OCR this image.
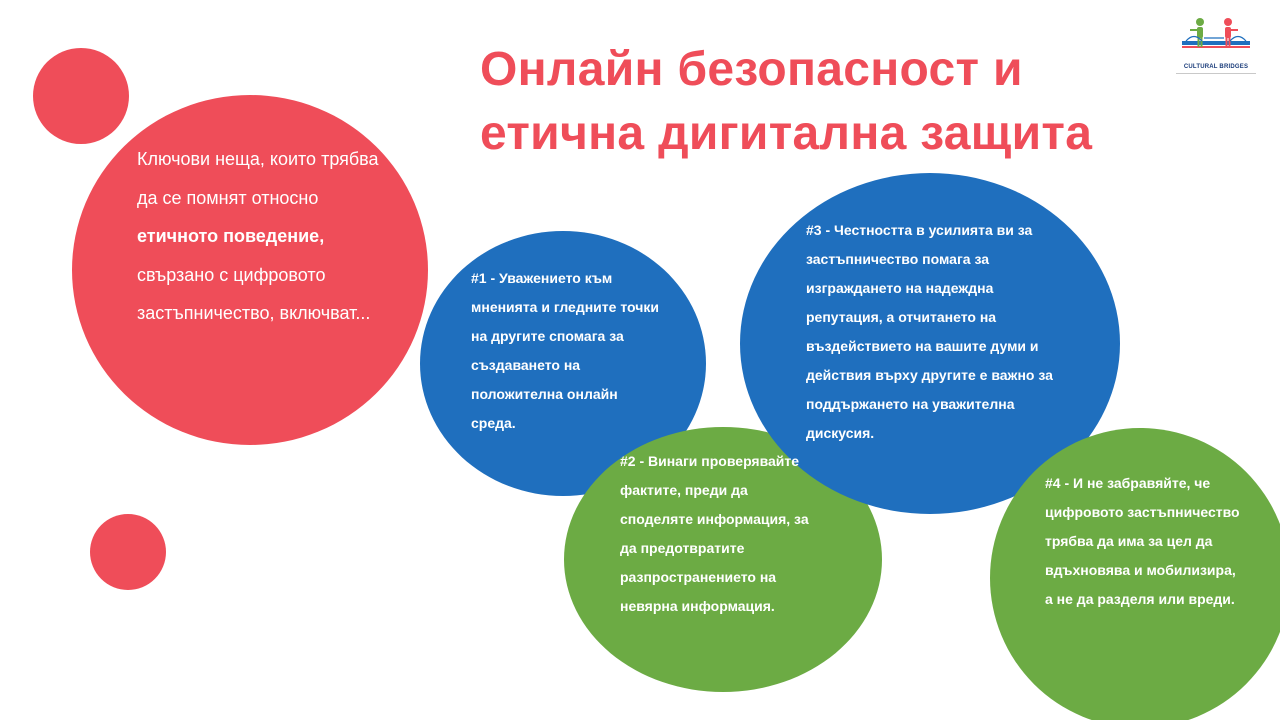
Онлайн безопасност и етична дигитална защита
Ключови неща, които трябва да се помнят относно етичното поведение, свързано с цифровото застъпничество, включват...
#1 - Уважението към мненията и гледните точки на другите спомага за създаването на положителна онлайн среда.
#2 - Винаги проверявайте фактите, преди да споделяте информация, за да предотвратите разпространението на невярна информация.
#3 - Честността в усилията ви за застъпничество помага за изграждането на надеждна репутация, а отчитането на въздействието на вашите думи и действия върху другите е важно за поддържането на уважителна дискусия.
#4 - И не забравяйте, че цифровото застъпничество трябва да има за цел да вдъхновява и мобилизира, а не да разделя или вреди.
CULTURAL BRIDGES
